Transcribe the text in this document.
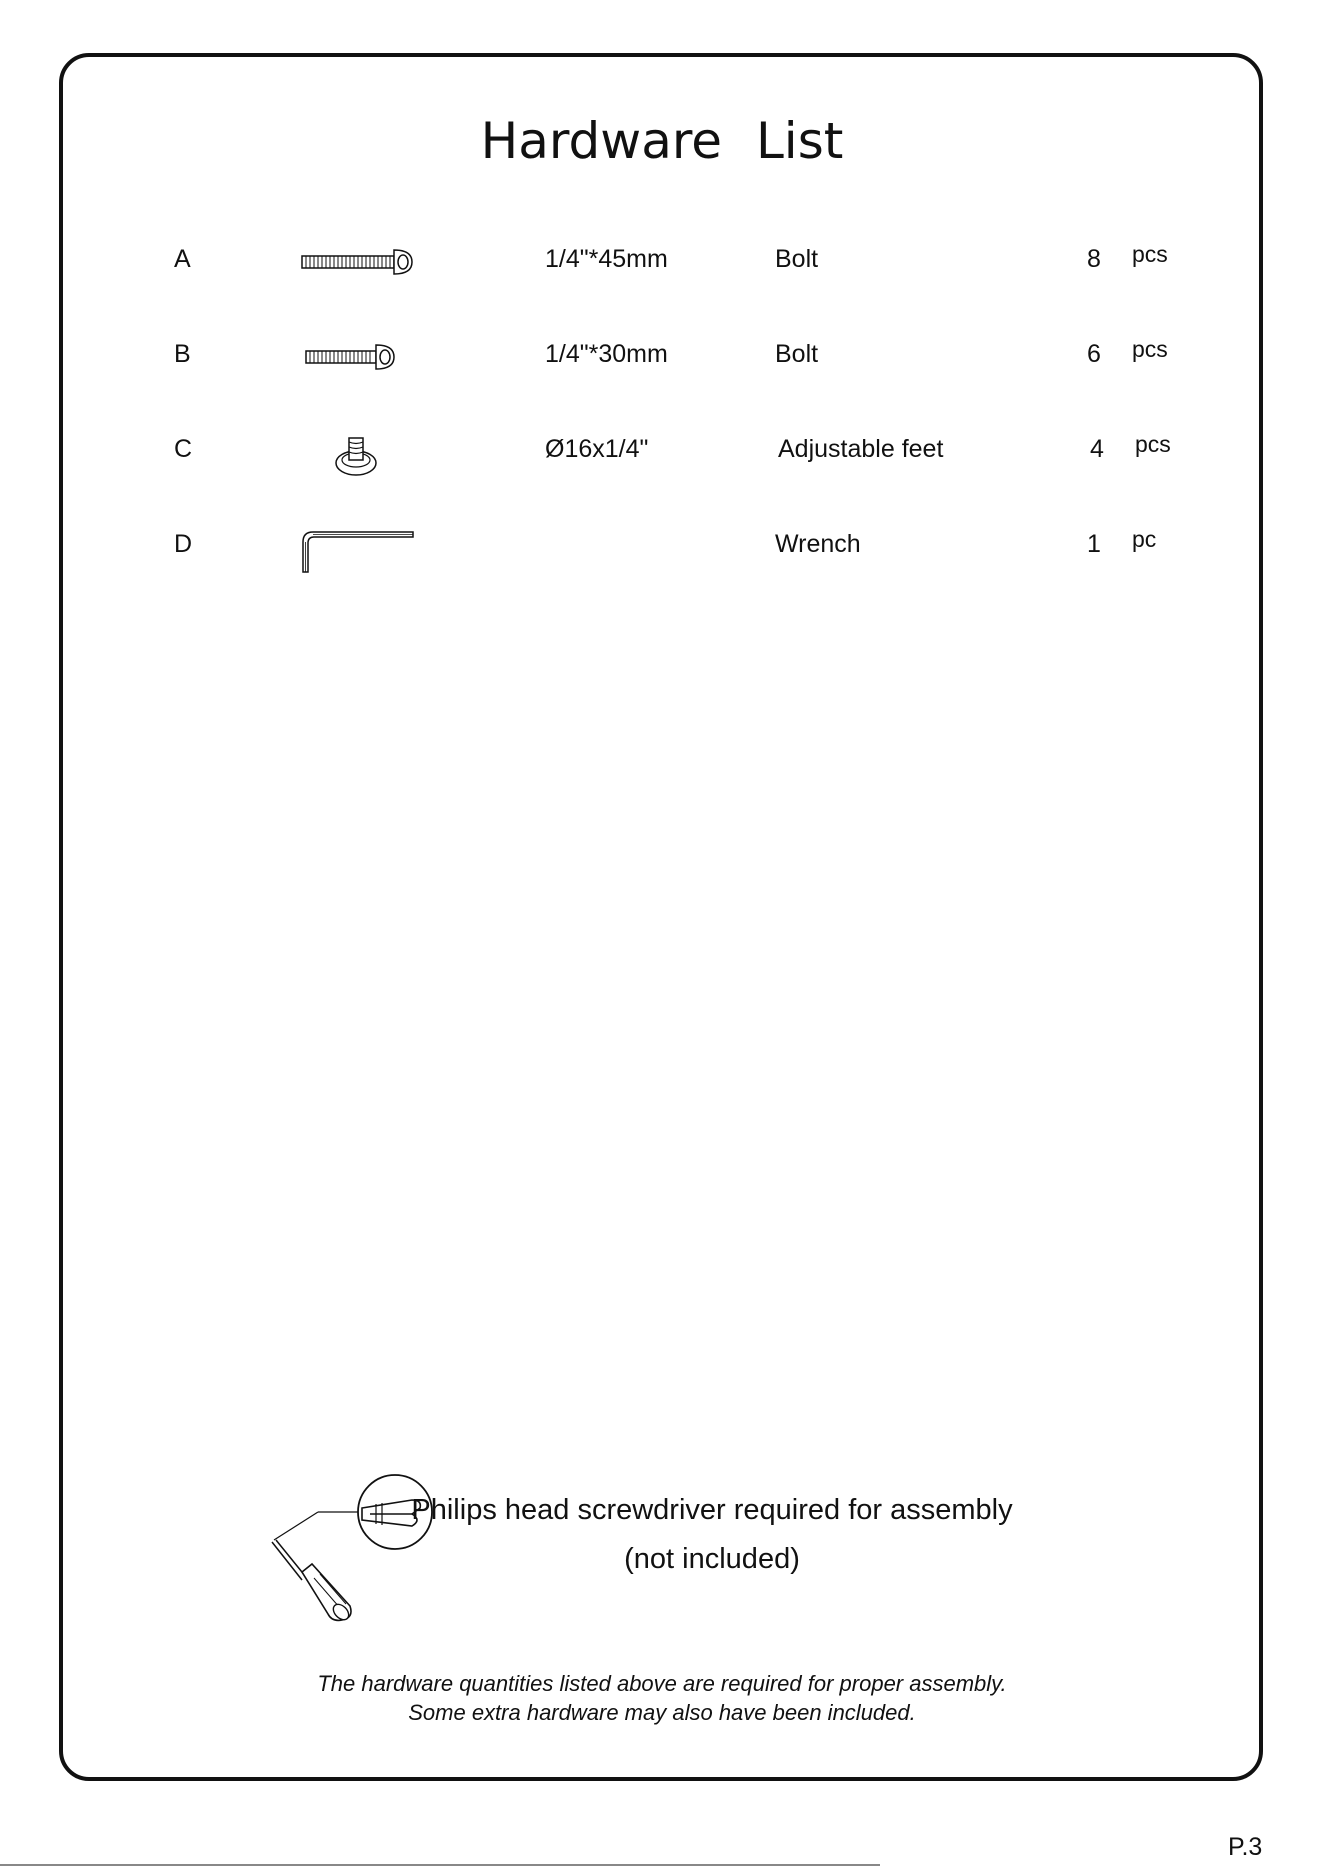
Hardware List
A	1/4"*45mm	Bolt	8 pcs
B	1/4"*30mm	Bolt	6 pcs
C	Ø16x1/4"	Adjustable feet	4 pcs
D	Wrench	1 pc
Philips head screwdriver required for assembly
(not included)
The hardware quantities listed above are required for proper assembly.
Some extra hardware may also have been included.
P.3
